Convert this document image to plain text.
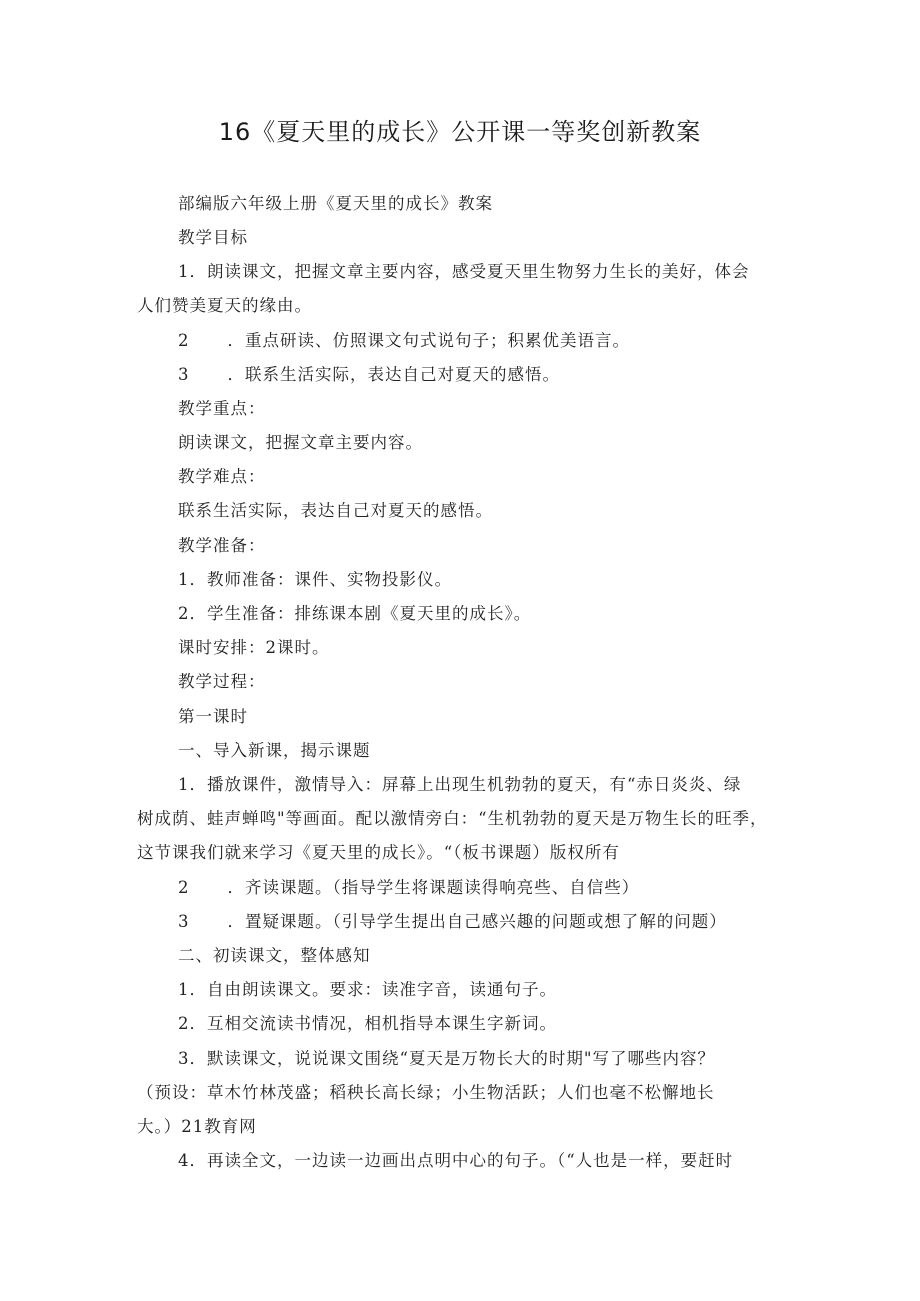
16《夏天里的成长》公开课一等奖创新教案
部编版六年级上册《夏天里的成长》教案
教学目标
1．朗读课文，把握文章主要内容，感受夏天里生物努力生长的美好，体会
人们赞美夏天的缘由。
2 ．重点研读、仿照课文句式说句子；积累优美语言。
3 ．联系生活实际，表达自己对夏天的感悟。
教学重点：
朗读课文，把握文章主要内容。
教学难点：
联系生活实际，表达自己对夏天的感悟。
教学准备：
1．教师准备：课件、实物投影仪。
2．学生准备：排练课本剧《夏天里的成长》。
课时安排：2课时。
教学过程：
第一课时
一、导入新课，揭示课题
1．播放课件，激情导入：屏幕上出现生机勃勃的夏天，有“赤日炎炎、绿
树成荫、蛙声蝉鸣"等画面。配以激情旁白：“生机勃勃的夏天是万物生长的旺季，
这节课我们就来学习《夏天里的成长》。“（板书课题）版权所有
2 ．齐读课题。（指导学生将课题读得响亮些、自信些）
3 ．置疑课题。（引导学生提出自己感兴趣的问题或想了解的问题）
二、初读课文，整体感知
1．自由朗读课文。要求：读准字音，读通句子。
2．互相交流读书情况，相机指导本课生字新词。
3．默读课文，说说课文围绕“夏天是万物长大的时期"写了哪些内容？
（预设：草木竹林茂盛；稻秧长高长绿；小生物活跃；人们也毫不松懈地长
大。）21教育网
4．再读全文，一边读一边画出点明中心的句子。（“人也是一样，要赶时
